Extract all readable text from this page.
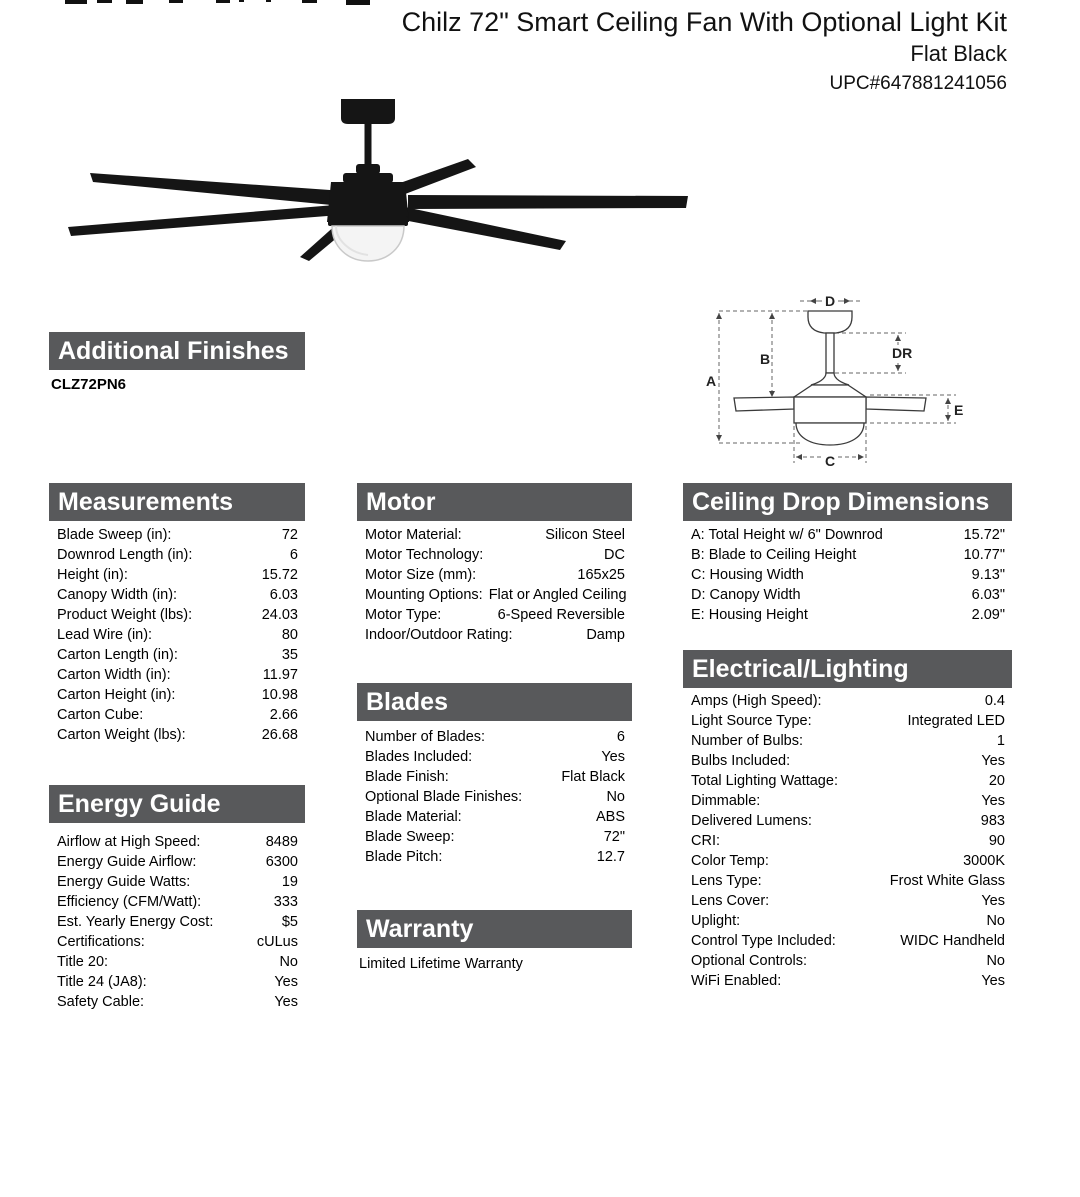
Chilz 72" Smart Ceiling Fan With Optional Light Kit
Flat Black
UPC#647881241056
Additional Finishes
CLZ72PN6	A
B
C
D
DR
E
Measurements
Blade Sweep (in):	72
Downrod Length (in):	6
Height (in):	15.72
Canopy Width (in):	6.03
Product Weight (lbs):	24.03
Lead Wire (in):	80
Carton Length (in):	35
Carton Width (in):	11.97
Carton Height (in):	10.98
Carton Cube:	2.66
Carton Weight (lbs):	26.68
Energy Guide
Airflow at High Speed:	8489
Energy Guide Airflow:	6300
Energy Guide Watts:	19
Efficiency (CFM/Watt):	333
Est. Yearly Energy Cost:	$5
Certifications:	cULus
Title 20:	No
Title 24 (JA8):	Yes
Safety Cable:	Yes
Motor
Motor Material:	Silicon Steel
Motor Technology:	DC
Motor Size (mm):	165x25
Mounting Options: Flat or Angled Ceiling
Motor Type:	6-Speed Reversible
Indoor/Outdoor Rating:	Damp
Blades
Number of Blades:	6
Blades Included:	Yes
Blade Finish:	Flat Black
Optional Blade Finishes:	No
Blade Material:	ABS
Blade Sweep:	72"
Blade Pitch:	12.7
Warranty
Limited Lifetime Warranty
Ceiling Drop Dimensions
A: Total Height w/ 6" Downrod	15.72"
B: Blade to Ceiling Height	10.77"
C: Housing Width	9.13"
D: Canopy Width	6.03"
E: Housing Height	2.09"
Electrical/Lighting
Amps (High Speed):	0.4
Light Source Type:	Integrated LED
Number of Bulbs:	1
Bulbs Included:	Yes
Total Lighting Wattage:	20
Dimmable:	Yes
Delivered Lumens:	983
CRI:	90
Color Temp:	3000K
Lens Type:	Frost White Glass
Lens Cover:	Yes
Uplight:	No
Control Type Included:	WIDC Handheld
Optional Controls:	No
WiFi Enabled:	Yes
